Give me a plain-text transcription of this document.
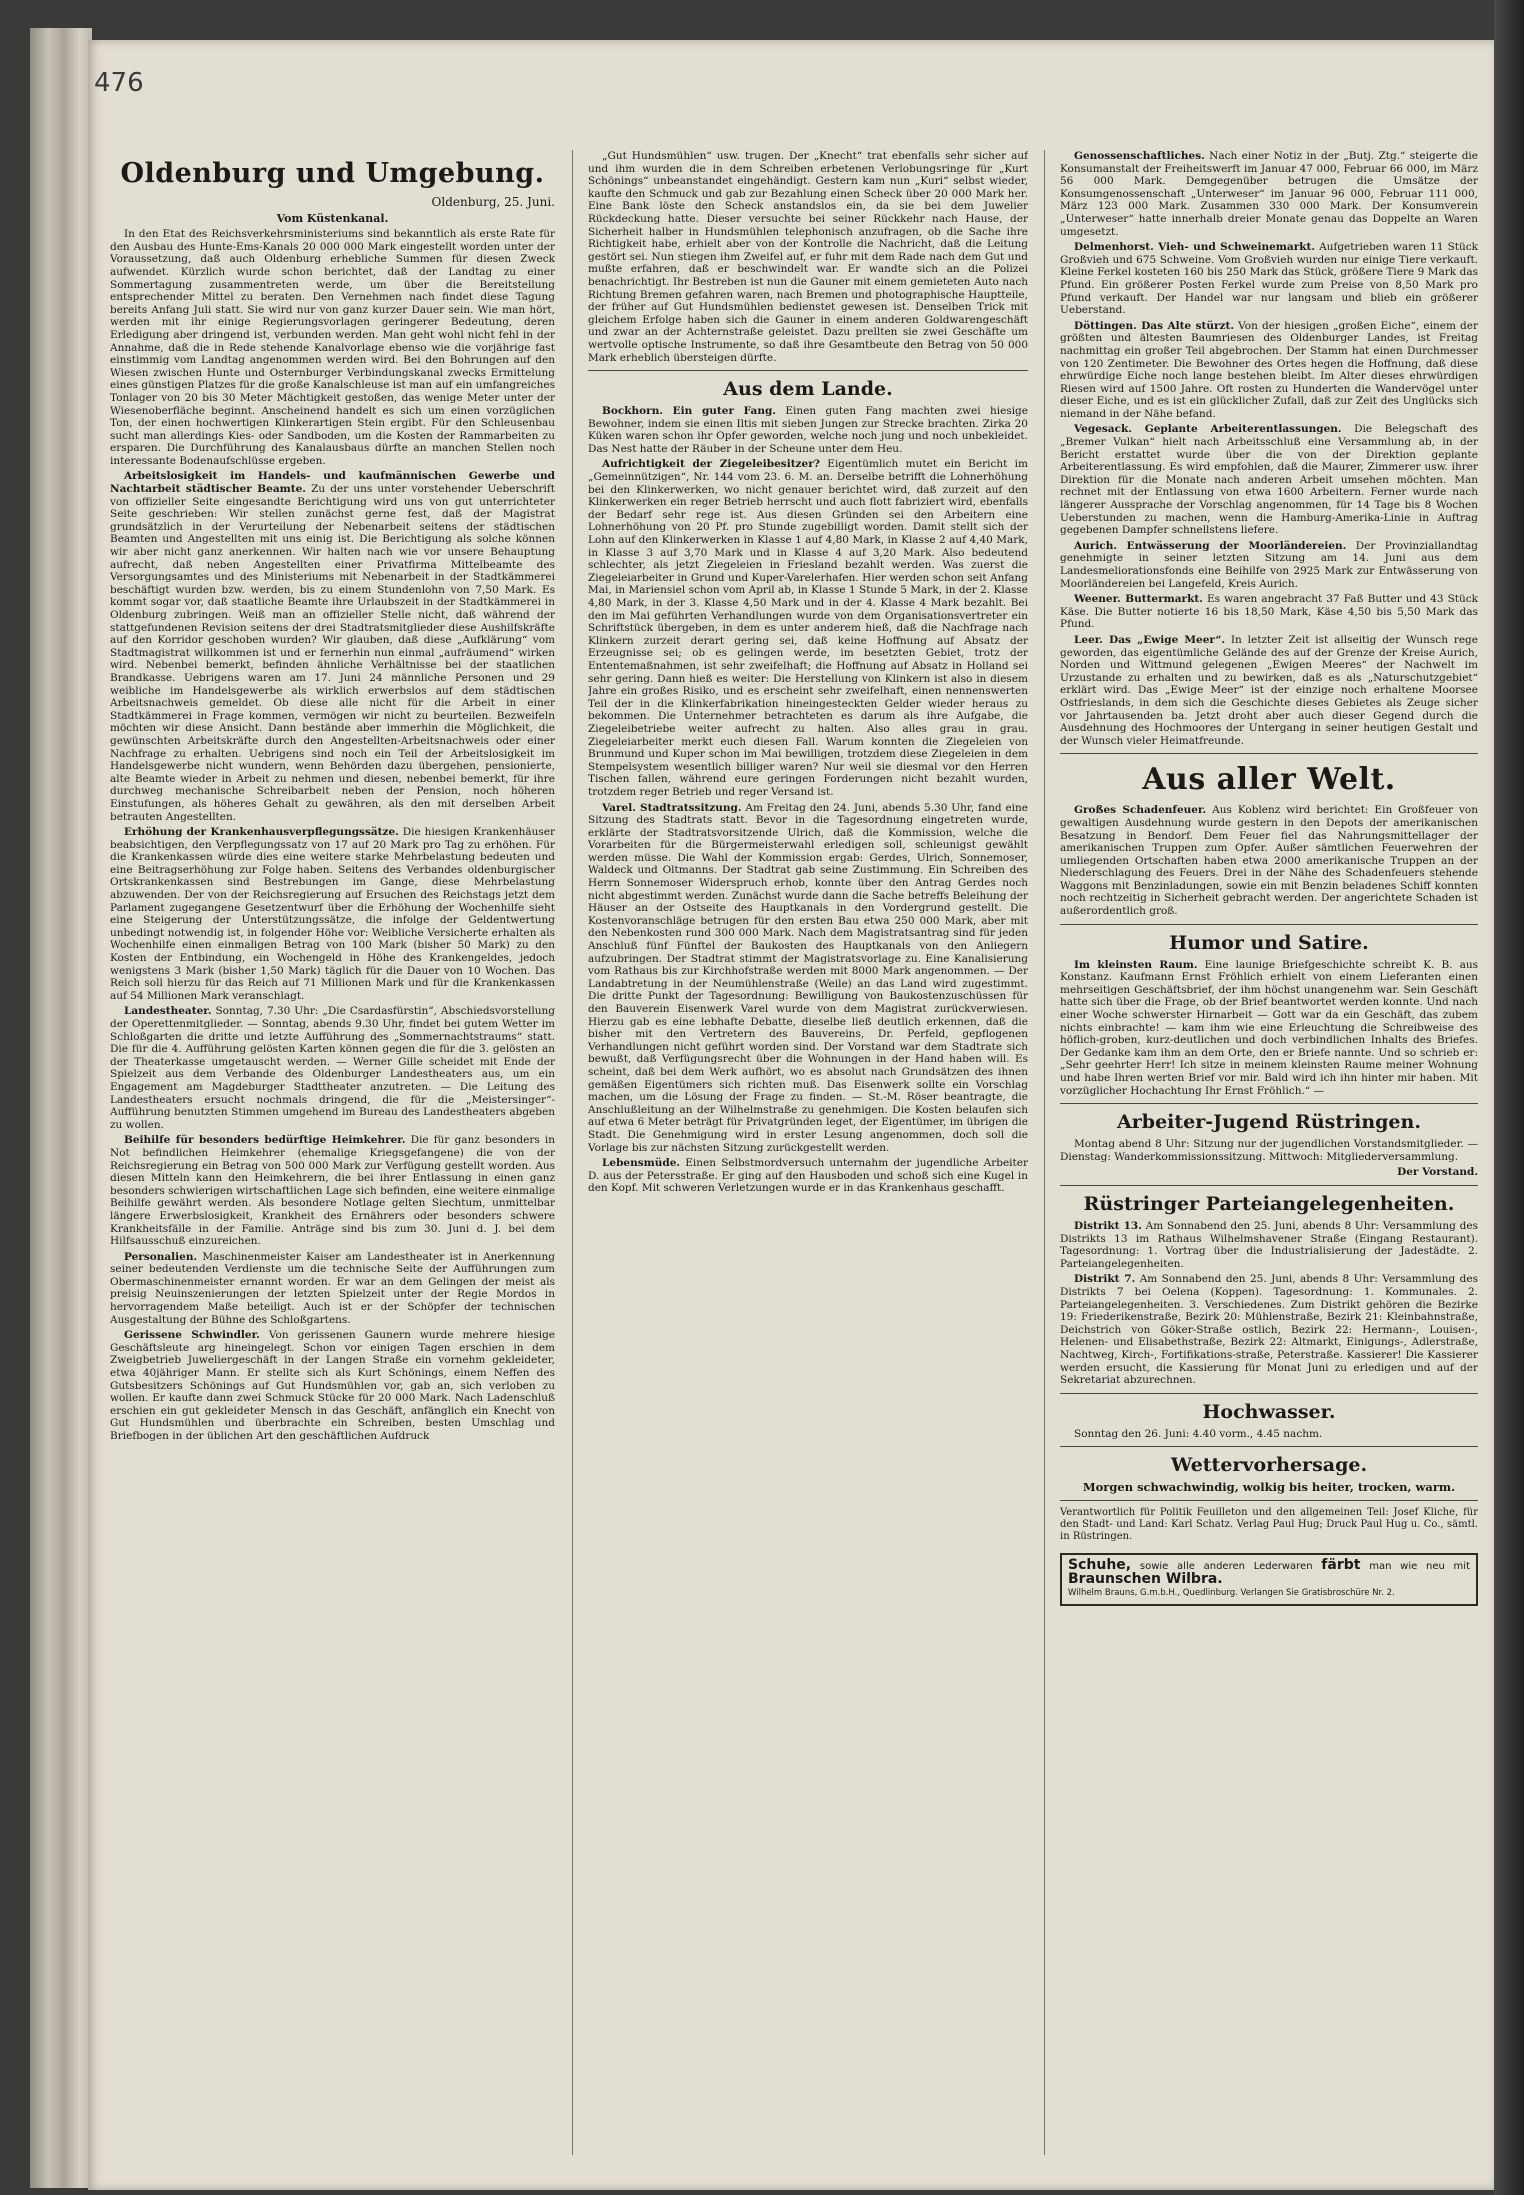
476
Oldenburg und Umgebung.
Oldenburg, 25. Juni.
Vom Küstenkanal.

In den Etat des Reichsverkehrsministeriums sind bekanntlich als erste Rate für den Ausbau des Hunte-Ems-Kanals 20 000 000 Mark eingestellt worden unter der Voraussetzung, daß auch Oldenburg erhebliche Summen für diesen Zweck aufwendet. Kürzlich wurde schon berichtet, daß der Landtag zu einer Sommertagung zusammentreten werde, um über die Bereitstellung entsprechender Mittel zu beraten. Den Vernehmen nach findet diese Tagung bereits Anfang Juli statt. Sie wird nur von ganz kurzer Dauer sein. Wie man hört, werden mit ihr einige Regierungsvorlagen geringerer Bedeutung, deren Erledigung aber dringend ist, verbunden werden. Man geht wohl nicht fehl in der Annahme, daß die in Rede stehende Kanalvorlage ebenso wie die vorjährige fast einstimmig vom Landtag angenommen werden wird. Bei den Bohrungen auf den Wiesen zwischen Hunte und Osternburger Verbindungskanal zwecks Ermittelung eines günstigen Platzes für die große Kanalschleuse ist man auf ein umfangreiches Tonlager von 20 bis 30 Meter Mächtigkeit gestoßen, das wenige Meter unter der Wiesenoberfläche beginnt. Anscheinend handelt es sich um einen vorzüglichen Ton, der einen hochwertigen Klinkerartigen Stein ergibt. Für den Schleusenbau sucht man allerdings Kies- oder Sandboden, um die Kosten der Rammarbeiten zu ersparen. Die Durchführung des Kanalausbaus dürfte an manchen Stellen noch interessante Bodenaufschlüsse ergeben.

Arbeitslosigkeit im Handels- und kaufmännischen Gewerbe und Nachtarbeit städtischer Beamte. Zu der uns unter vorstehender Ueberschrift von offizieller Seite eingesandte Berichtigung wird uns von gut unterrichteter Seite geschrieben: Wir stellen zunächst gerne fest, daß der Magistrat grundsätzlich in der Verurteilung der Nebenarbeit seitens der städtischen Beamten und Angestellten mit uns einig ist. Die Berichtigung als solche können wir aber nicht ganz anerkennen. Wir halten nach wie vor unsere Behauptung aufrecht, daß neben Angestellten einer Privatfirma Mittelbeamte des Versorgungsamtes und des Ministeriums mit Nebenarbeit in der Stadtkämmerei beschäftigt wurden bzw. werden, bis zu einem Stundenlohn von 7,50 Mark. Es kommt sogar vor, daß staatliche Beamte ihre Urlaubszeit in der Stadtkämmerei in Oldenburg zubringen. Weiß man an offizieller Stelle nicht, daß während der stattgefundenen Revision seitens der drei Stadtratsmitglieder diese Aushilfskräfte auf den Korridor geschoben wurden? Wir glauben, daß diese „Aufklärung“ vom Stadtmagistrat willkommen ist und er fernerhin nun einmal „aufräumend“ wirken wird. Nebenbei bemerkt, befinden ähnliche Verhältnisse bei der staatlichen Brandkasse. Uebrigens waren am 17. Juni 24 männliche Personen und 29 weibliche im Handelsgewerbe als wirklich erwerbslos auf dem städtischen Arbeitsnachweis gemeldet. Ob diese alle nicht für die Arbeit in einer Stadtkämmerei in Frage kommen, vermögen wir nicht zu beurteilen. Bezweifeln möchten wir diese Ansicht. Dann bestände aber immerhin die Möglichkeit, die gewünschten Arbeitskräfte durch den Angestellten-Arbeitsnachweis oder einer Nachfrage zu erhalten. Uebrigens sind noch ein Teil der Arbeitslosigkeit im Handelsgewerbe nicht wundern, wenn Behörden dazu übergehen, pensionierte, alte Beamte wieder in Arbeit zu nehmen und diesen, nebenbei bemerkt, für ihre durchweg mechanische Schreibarbeit neben der Pension, noch höheren Einstufungen, als höheres Gehalt zu gewähren, als den mit derselben Arbeit betrauten Angestellten.

Erhöhung der Krankenhausverpflegungssätze. Die hiesigen Krankenhäuser beabsichtigen, den Verpflegungssatz von 17 auf 20 Mark pro Tag zu erhöhen. Für die Krankenkassen würde dies eine weitere starke Mehrbelastung bedeuten und eine Beitragserhöhung zur Folge haben. Seitens des Verbandes oldenburgischer Ortskrankenkassen sind Bestrebungen im Gange, diese Mehrbelastung abzuwenden. Der von der Reichsregierung auf Ersuchen des Reichstags jetzt dem Parlament zugegangene Gesetzentwurf über die Erhöhung der Wochenhilfe sieht eine Steigerung der Unterstützungssätze, die infolge der Geldentwertung unbedingt notwendig ist, in folgender Höhe vor: Weibliche Versicherte erhalten als Wochenhilfe einen einmaligen Betrag von 100 Mark (bisher 50 Mark) zu den Kosten der Entbindung, ein Wochengeld in Höhe des Krankengeldes, jedoch wenigstens 3 Mark (bisher 1,50 Mark) täglich für die Dauer von 10 Wochen. Das Reich soll hierzu für das Reich auf 71 Millionen Mark und für die Krankenkassen auf 54 Millionen Mark veranschlagt.

Landestheater. Sonntag, 7.30 Uhr: „Die Csardasfürstin“, Abschiedsvorstellung der Operettenmitglieder. — Sonntag, abends 9.30 Uhr, findet bei gutem Wetter im Schloßgarten die dritte und letzte Aufführung des „Sommernachtstraums“ statt. Die für die 4. Aufführung gelösten Karten können gegen die für die 3. gelösten an der Theaterkasse umgetauscht werden. — Werner Gille scheidet mit Ende der Spielzeit aus dem Verbande des Oldenburger Landestheaters aus, um ein Engagement am Magdeburger Stadttheater anzutreten. — Die Leitung des Landestheaters ersucht nochmals dringend, die für die „Meistersinger“-Aufführung benutzten Stimmen umgehend im Bureau des Landestheaters abgeben zu wollen.

Beihilfe für besonders bedürftige Heimkehrer. Die für ganz besonders in Not befindlichen Heimkehrer (ehemalige Kriegsgefangene) die von der Reichsregierung ein Betrag von 500 000 Mark zur Verfügung gestellt worden. Aus diesen Mitteln kann den Heimkehrern, die bei ihrer Entlassung in einen ganz besonders schwierigen wirtschaftlichen Lage sich befinden, eine weitere einmalige Beihilfe gewährt werden. Als besondere Notlage gelten Siechtum, unmittelbar längere Erwerbslosigkeit, Krankheit des Ernährers oder besonders schwere Krankheitsfälle in der Familie. Anträge sind bis zum 30. Juni d. J. bei dem Hilfsausschuß einzureichen.

Personalien. Maschinenmeister Kaiser am Landestheater ist in Anerkennung seiner bedeutenden Verdienste um die technische Seite der Aufführungen zum Obermaschinenmeister ernannt worden. Er war an dem Gelingen der meist als preisig Neuinszenierungen der letzten Spielzeit unter der Regie Mordos in hervorragendem Maße beteiligt. Auch ist er der Schöpfer der technischen Ausgestaltung der Bühne des Schloßgartens.

Gerissene Schwindler. Von gerissenen Gaunern wurde mehrere hiesige Geschäftsleute arg hineingelegt. Schon vor einigen Tagen erschien in dem Zweigbetrieb Juweliergeschäft in der Langen Straße ein vornehm gekleideter, etwa 40jähriger Mann. Er stellte sich als Kurt Schönings, einem Neffen des Gutsbesitzers Schönings auf Gut Hundsmühlen vor, gab an, sich verloben zu wollen. Er kaufte dann zwei Schmuck Stücke für 20 000 Mark. Nach Ladenschluß erschien ein gut gekleideter Mensch in das Geschäft, anfänglich ein Knecht von Gut Hundsmühlen und überbrachte ein Schreiben, besten Umschlag und Briefbogen in der üblichen Art den geschäftlichen Aufdruck

„Gut Hundsmühlen“ usw. trugen. Der „Knecht“ trat ebenfalls sehr sicher auf und ihm wurden die in dem Schreiben erbetenen Verlobungsringe für „Kurt Schönings“ unbeanstandet eingehändigt. Gestern kam nun „Kuri“ selbst wieder, kaufte den Schmuck und gab zur Bezahlung einen Scheck über 20 000 Mark her. Eine Bank löste den Scheck anstandslos ein, da sie bei dem Juwelier Rückdeckung hatte. Dieser versuchte bei seiner Rückkehr nach Hause, der Sicherheit halber in Hundsmühlen telephonisch anzufragen, ob die Sache ihre Richtigkeit habe, erhielt aber von der Kontrolle die Nachricht, daß die Leitung gestört sei. Nun stiegen ihm Zweifel auf, er fuhr mit dem Rade nach dem Gut und mußte erfahren, daß er beschwindelt war. Er wandte sich an die Polizei benachrichtigt. Ihr Bestreben ist nun die Gauner mit einem gemieteten Auto nach Richtung Bremen gefahren waren, nach Bremen und photographische Hauptteile, der früher auf Gut Hundsmühlen bedienstet gewesen ist. Denselben Trick mit gleichem Erfolge haben sich die Gauner in einem anderen Goldwarengeschäft und zwar an der Achternstraße geleistet. Dazu prellten sie zwei Geschäfte um wertvolle optische Instrumente, so daß ihre Gesamtbeute den Betrag von 50 000 Mark erheblich übersteigen dürfte.

Aus dem Lande.

Bockhorn. Ein guter Fang. Einen guten Fang machten zwei hiesige Bewohner, indem sie einen Iltis mit sieben Jungen zur Strecke brachten. Zirka 20 Küken waren schon ihr Opfer geworden, welche noch jung und noch unbekleidet. Das Nest hatte der Räuber in der Scheune unter dem Heu.

Aufrichtigkeit der Ziegeleibesitzer? Eigentümlich mutet ein Bericht im „Gemeinnützigen“, Nr. 144 vom 23. 6. M. an. Derselbe betrifft die Lohnerhöhung bei den Klinkerwerken, wo nicht genauer berichtet wird, daß zurzeit auf den Klinkerwerken ein reger Betrieb herrscht und auch flott fabriziert wird, ebenfalls der Bedarf sehr rege ist. Aus diesen Gründen sei den Arbeitern eine Lohnerhöhung von 20 Pf. pro Stunde zugebilligt worden. Damit stellt sich der Lohn auf den Klinkerwerken in Klasse 1 auf 4,80 Mark, in Klasse 2 auf 4,40 Mark, in Klasse 3 auf 3,70 Mark und in Klasse 4 auf 3,20 Mark. Also bedeutend schlechter, als jetzt Ziegeleien in Friesland bezahlt werden. Was zuerst die Ziegeleiarbeiter in Grund und Kuper-Varelerhafen. Hier werden schon seit Anfang Mai, in Mariensiel schon vom April ab, in Klasse 1 Stunde 5 Mark, in der 2. Klasse 4,80 Mark, in der 3. Klasse 4,50 Mark und in der 4. Klasse 4 Mark bezahlt. Bei den im Mai geführten Verhandlungen wurde von dem Organisationsvertreter ein Schriftstück übergeben, in dem es unter anderem hieß, daß die Nachfrage nach Klinkern zurzeit derart gering sei, daß keine Hoffnung auf Absatz der Erzeugnisse sei; ob es gelingen werde, im besetzten Gebiet, trotz der Ententemaßnahmen, ist sehr zweifelhaft; die Hoffnung auf Absatz in Holland sei sehr gering. Dann hieß es weiter: Die Herstellung von Klinkern ist also in diesem Jahre ein großes Risiko, und es erscheint sehr zweifelhaft, einen nennenswerten Teil der in die Klinkerfabrikation hineingesteckten Gelder wieder heraus zu bekommen. Die Unternehmer betrachteten es darum als ihre Aufgabe, die Ziegeleibetriebe weiter aufrecht zu halten. Also alles grau in grau. Ziegeleiarbeiter merkt euch diesen Fall. Warum konnten die Ziegeleien von Brunmund und Kuper schon im Mai bewilligen, trotzdem diese Ziegeleien in dem Stempelsystem wesentlich billiger waren? Nur weil sie diesmal vor den Herren Tischen fallen, während eure geringen Forderungen nicht bezahlt wurden, trotzdem reger Betrieb und reger Versand ist.

Varel. Stadtratssitzung. Am Freitag den 24. Juni, abends 5.30 Uhr, fand eine Sitzung des Stadtrats statt. Bevor in die Tagesordnung eingetreten wurde, erklärte der Stadtratsvorsitzende Ulrich, daß die Kommission, welche die Vorarbeiten für die Bürgermeisterwahl erledigen soll, schleunigst gewählt werden müsse. Die Wahl der Kommission ergab: Gerdes, Ulrich, Sonnemoser, Waldeck und Oltmanns. Der Stadtrat gab seine Zustimmung. Ein Schreiben des Herrn Sonnemoser Widerspruch erhob, konnte über den Antrag Gerdes noch nicht abgestimmt werden. Zunächst wurde dann die Sache betreffs Beleihung der Häuser an der Ostseite des Hauptkanals in den Vordergrund gestellt. Die Kostenvoranschläge betrugen für den ersten Bau etwa 250 000 Mark, aber mit den Nebenkosten rund 300 000 Mark. Nach dem Magistratsantrag sind für jeden Anschluß fünf Fünftel der Baukosten des Hauptkanals von den Anliegern aufzubringen. Der Stadtrat stimmt der Magistratsvorlage zu. Eine Kanalisierung vom Rathaus bis zur Kirchhofstraße werden mit 8000 Mark angenommen. — Der Landabtretung in der Neumühlenstraße (Weile) an das Land wird zugestimmt. Die dritte Punkt der Tagesordnung: Bewilligung von Baukostenzuschüssen für den Bauverein Eisenwerk Varel wurde von dem Magistrat zurückverwiesen. Hierzu gab es eine lebhafte Debatte, dieselbe ließ deutlich erkennen, daß die bisher mit den Vertretern des Bauvereins, Dr. Perfeld, gepflogenen Verhandlungen nicht geführt worden sind. Der Vorstand war dem Stadtrate sich bewußt, daß Verfügungsrecht über die Wohnungen in der Hand haben will. Es scheint, daß bei dem Werk aufhört, wo es absolut nach Grundsätzen des ihnen gemäßen Eigentümers sich richten muß. Das Eisenwerk sollte ein Vorschlag machen, um die Lösung der Frage zu finden. — St.-M. Röser beantragte, die Anschlußleitung an der Wilhelmstraße zu genehmigen. Die Kosten belaufen sich auf etwa 6 Meter beträgt für Privatgründen leget, der Eigentümer, im übrigen die Stadt. Die Genehmigung wird in erster Lesung angenommen, doch soll die Vorlage bis zur nächsten Sitzung zurückgestellt werden.

Lebensmüde. Einen Selbstmordversuch unternahm der jugendliche Arbeiter D. aus der Petersstraße. Er ging auf den Hausboden und schoß sich eine Kugel in den Kopf. Mit schweren Verletzungen wurde er in das Krankenhaus geschafft.

Genossenschaftliches. Nach einer Notiz in der „Butj. Ztg.“ steigerte die Konsumanstalt der Freiheitswerft im Januar 47 000, Februar 66 000, im März 56 000 Mark. Demgegenüber betrugen die Umsätze der Konsumgenossenschaft „Unterweser“ im Januar 96 000, Februar 111 000, März 123 000 Mark. Zusammen 330 000 Mark. Der Konsumverein „Unterweser“ hatte innerhalb dreier Monate genau das Doppelte an Waren umgesetzt.

Delmenhorst. Vieh- und Schweinemarkt. Aufgetrieben waren 11 Stück Großvieh und 675 Schweine. Vom Großvieh wurden nur einige Tiere verkauft. Kleine Ferkel kosteten 160 bis 250 Mark das Stück, größere Tiere 9 Mark das Pfund. Ein größerer Posten Ferkel wurde zum Preise von 8,50 Mark pro Pfund verkauft. Der Handel war nur langsam und blieb ein größerer Ueberstand.

Döttingen. Das Alte stürzt. Von der hiesigen „großen Eiche“, einem der größten und ältesten Baumriesen des Oldenburger Landes, ist Freitag nachmittag ein großer Teil abgebrochen. Der Stamm hat einen Durchmesser von 120 Zentimeter. Die Bewohner des Ortes hegen die Hoffnung, daß diese ehrwürdige Eiche noch lange bestehen bleibt. Im Alter dieses ehrwürdigen Riesen wird auf 1500 Jahre. Oft rosten zu Hunderten die Wandervögel unter dieser Eiche, und es ist ein glücklicher Zufall, daß zur Zeit des Unglücks sich niemand in der Nähe befand.

Vegesack. Geplante Arbeiterentlassungen. Die Belegschaft des „Bremer Vulkan“ hielt nach Arbeitsschluß eine Versammlung ab, in der Bericht erstattet wurde über die von der Direktion geplante Arbeiterentlassung. Es wird empfohlen, daß die Maurer, Zimmerer usw. ihrer Direktion für die Monate nach anderen Arbeit umsehen möchten. Man rechnet mit der Entlassung von etwa 1600 Arbeitern. Ferner wurde nach längerer Aussprache der Vorschlag angenommen, für 14 Tage bis 8 Wochen Ueberstunden zu machen, wenn die Hamburg-Amerika-Linie in Auftrag gegebenen Dampfer schnellstens liefere.

Aurich. Entwässerung der Moorländereien. Der Provinziallandtag genehmigte in seiner letzten Sitzung am 14. Juni aus dem Landesmeliorationsfonds eine Beihilfe von 2925 Mark zur Entwässerung von Moorländereien bei Langefeld, Kreis Aurich.

Weener. Buttermarkt. Es waren angebracht 37 Faß Butter und 43 Stück Käse. Die Butter notierte 16 bis 18,50 Mark, Käse 4,50 bis 5,50 Mark das Pfund.

Leer. Das „Ewige Meer“. In letzter Zeit ist allseitig der Wunsch rege geworden, das eigentümliche Gelände des auf der Grenze der Kreise Aurich, Norden und Wittmund gelegenen „Ewigen Meeres“ der Nachwelt im Urzustande zu erhalten und zu bewirken, daß es als „Naturschutzgebiet“ erklärt wird. Das „Ewige Meer“ ist der einzige noch erhaltene Moorsee Ostfrieslands, in dem sich die Geschichte dieses Gebietes als Zeuge sicher vor Jahrtausenden ba. Jetzt droht aber auch dieser Gegend durch die Ausdehnung des Hochmoores der Untergang in seiner heutigen Gestalt und der Wunsch vieler Heimatfreunde.

Aus aller Welt.

Großes Schadenfeuer. Aus Koblenz wird berichtet: Ein Großfeuer von gewaltigen Ausdehnung wurde gestern in den Depots der amerikanischen Besatzung in Bendorf. Dem Feuer fiel das Nahrungsmittellager der amerikanischen Truppen zum Opfer. Außer sämtlichen Feuerwehren der umliegenden Ortschaften haben etwa 2000 amerikanische Truppen an der Niederschlagung des Feuers. Drei in der Nähe des Schadenfeuers stehende Waggons mit Benzinladungen, sowie ein mit Benzin beladenes Schiff konnten noch rechtzeitig in Sicherheit gebracht werden. Der angerichtete Schaden ist außerordentlich groß.

Humor und Satire.

Im kleinsten Raum. Eine launige Briefgeschichte schreibt K. B. aus Konstanz. Kaufmann Ernst Fröhlich erhielt von einem Lieferanten einen mehrseitigen Geschäftsbrief, der ihm höchst unangenehm war. Sein Geschäft hatte sich über die Frage, ob der Brief beantwortet werden konnte. Und nach einer Woche schwerster Hirnarbeit — Gott war da ein Geschäft, das zubem nichts einbrachte! — kam ihm wie eine Erleuchtung die Schreibweise des höflich-groben, kurz-deutlichen und doch verbindlichen Inhalts des Briefes. Der Gedanke kam ihm an dem Orte, den er Briefe nannte. Und so schrieb er: „Sehr geehrter Herr! Ich sitze in meinem kleinsten Raume meiner Wohnung und habe Ihren werten Brief vor mir. Bald wird ich ihn hinter mir haben. Mit vorzüglicher Hochachtung Ihr Ernst Fröhlich.“ —

Arbeiter-Jugend Rüstringen.

Montag abend 8 Uhr: Sitzung nur der jugendlichen Vorstandsmitglieder. — Dienstag: Wanderkommissionssitzung. Mittwoch: Mitgliederversammlung.

Der Vorstand.
Rüstringer Parteiangelegenheiten.

Distrikt 13. Am Sonnabend den 25. Juni, abends 8 Uhr: Versammlung des Distrikts 13 im Rathaus Wilhelmshavener Straße (Eingang Restaurant). Tagesordnung: 1. Vortrag über die Industrialisierung der Jadestädte. 2. Parteiangelegenheiten.

Distrikt 7. Am Sonnabend den 25. Juni, abends 8 Uhr: Versammlung des Distrikts 7 bei Oelena (Koppen). Tagesordnung: 1. Kommunales. 2. Parteiangelegenheiten. 3. Verschiedenes. Zum Distrikt gehören die Bezirke 19: Friederikenstraße, Bezirk 20: Mühlenstraße, Bezirk 21: Kleinbahnstraße, Deichstrich von Göker-Straße ostlich, Bezirk 22: Hermann-, Louisen-, Helenen- und Elisabethstraße, Bezirk 22: Altmarkt, Einigungs-, Adlerstraße, Nachtweg, Kirch-, Fortifikations-straße, Peterstraße. Kassierer! Die Kassierer werden ersucht, die Kassierung für Monat Juni zu erledigen und auf der Sekretariat abzurechnen.

Hochwasser.

Sonntag den 26. Juni: 4.40 vorm., 4.45 nachm.

Wettervorhersage.
Morgen schwachwindig, wolkig bis heiter, trocken, warm.
Verantwortlich für Politik Feuilleton und den allgemeinen Teil: Josef Kliche, für den Stadt- und Land: Karl Schatz. Verlag Paul Hug; Druck Paul Hug u. Co., sämtl. in Rüstringen.
Schuhe, sowie alle anderen Lederwaren färbt man wie neu mit Braunschen Wilbra.
Wilhelm Brauns, G.m.b.H., Quedlinburg. Verlangen Sie Gratisbroschüre Nr. 2.
